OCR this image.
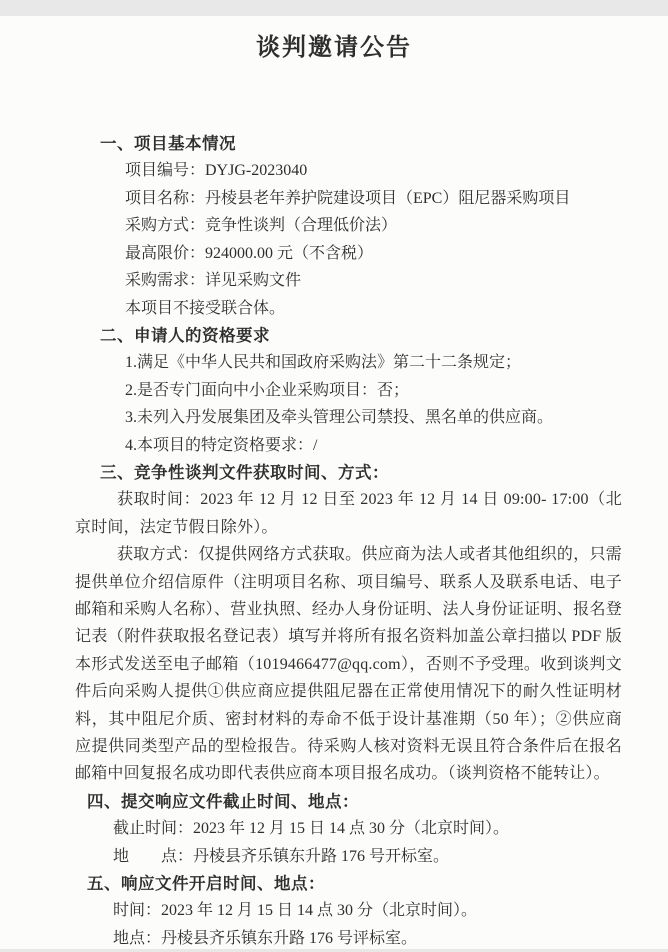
谈判邀请公告
一、项目基本情况
项目编号：DYJG-2023040
项目名称：丹棱县老年养护院建设项目（EPC）阻尼器采购项目
采购方式：竞争性谈判（合理低价法）
最高限价：924000.00 元（不含税）
采购需求：详见采购文件
本项目不接受联合体。
二、申请人的资格要求
1.满足《中华人民共和国政府采购法》第二十二条规定；
2.是否专门面向中小企业采购项目：否；
3.未列入丹发展集团及牵头管理公司禁投、黑名单的供应商。
4.本项目的特定资格要求：/
三、竞争性谈判文件获取时间、方式：

获取时间：2023 年 12 月 12 日至 2023 年 12 月 14 日 09:00- 17:00（北京时间，法定节假日除外）。

获取方式：仅提供网络方式获取。供应商为法人或者其他组织的，只需提供单位介绍信原件（注明项目名称、项目编号、联系人及联系电话、电子邮箱和采购人名称）、营业执照、经办人身份证明、法人身份证证明、报名登记表（附件获取报名登记表）填写并将所有报名资料加盖公章扫描以 PDF 版本形式发送至电子邮箱（1019466477@qq.com），否则不予受理。收到谈判文件后向采购人提供①供应商应提供阻尼器在正常使用情况下的耐久性证明材料，其中阻尼介质、密封材料的寿命不低于设计基准期（50 年）；②供应商应提供同类型产品的型检报告。待采购人核对资料无误且符合条件后在报名邮箱中回复报名成功即代表供应商本项目报名成功。（谈判资格不能转让）。

四、提交响应文件截止时间、地点：
截止时间：2023 年 12 月 15 日 14 点 30 分（北京时间）。
地　　点：丹棱县齐乐镇东升路 176 号开标室。
五、响应文件开启时间、地点：
时间：2023 年 12 月 15 日 14 点 30 分（北京时间）。
地点：丹棱县齐乐镇东升路 176 号评标室。
